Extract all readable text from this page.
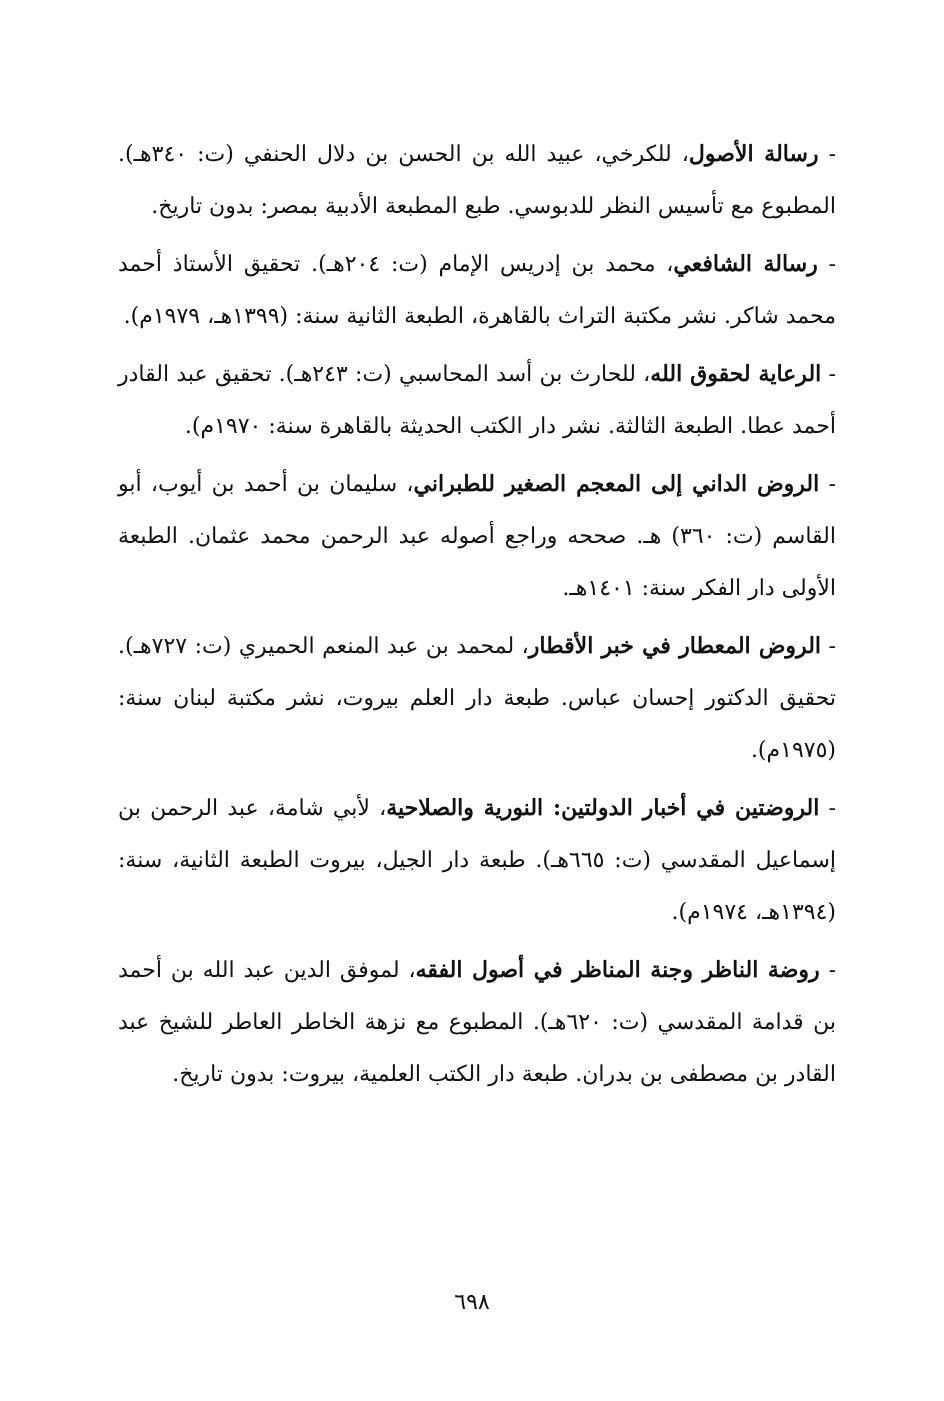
- رسالة الأصول، للكرخي، عبيد الله بن الحسن بن دلال الحنفي (ت: ٣٤٠هـ). المطبوع مع تأسيس النظر للدبوسي. طبع المطبعة الأدبية بمصر: بدون تاريخ.

- رسالة الشافعي، محمد بن إدريس الإمام (ت: ٢٠٤هـ). تحقيق الأستاذ أحمد محمد شاكر. نشر مكتبة التراث بالقاهرة، الطبعة الثانية سنة: (١٣٩٩هـ، ١٩٧٩م).

- الرعاية لحقوق الله، للحارث بن أسد المحاسبي (ت: ٢٤٣هـ). تحقيق عبد القادر أحمد عطا. الطبعة الثالثة. نشر دار الكتب الحديثة بالقاهرة سنة: ١٩٧٠م).

- الروض الداني إلى المعجم الصغير للطبراني، سليمان بن أحمد بن أيوب، أبو القاسم (ت: ٣٦٠) هـ. صححه وراجع أصوله عبد الرحمن محمد عثمان. الطبعة الأولى دار الفكر سنة: ١٤٠١هـ.

- الروض المعطار في خبر الأقطار، لمحمد بن عبد المنعم الحميري (ت: ٧٢٧هـ). تحقيق الدكتور إحسان عباس. طبعة دار العلم بيروت، نشر مكتبة لبنان سنة: (١٩٧٥م).

- الروضتين في أخبار الدولتين: النورية والصلاحية، لأبي شامة، عبد الرحمن بن إسماعيل المقدسي (ت: ٦٦٥هـ). طبعة دار الجيل، بيروت الطبعة الثانية، سنة: (١٣٩٤هـ، ١٩٧٤م).

- روضة الناظر وجنة المناظر في أصول الفقه، لموفق الدين عبد الله بن أحمد بن قدامة المقدسي (ت: ٦٢٠هـ). المطبوع مع نزهة الخاطر العاطر للشيخ عبد القادر بن مصطفى بن بدران. طبعة دار الكتب العلمية، بيروت: بدون تاريخ.

٦٩٨
